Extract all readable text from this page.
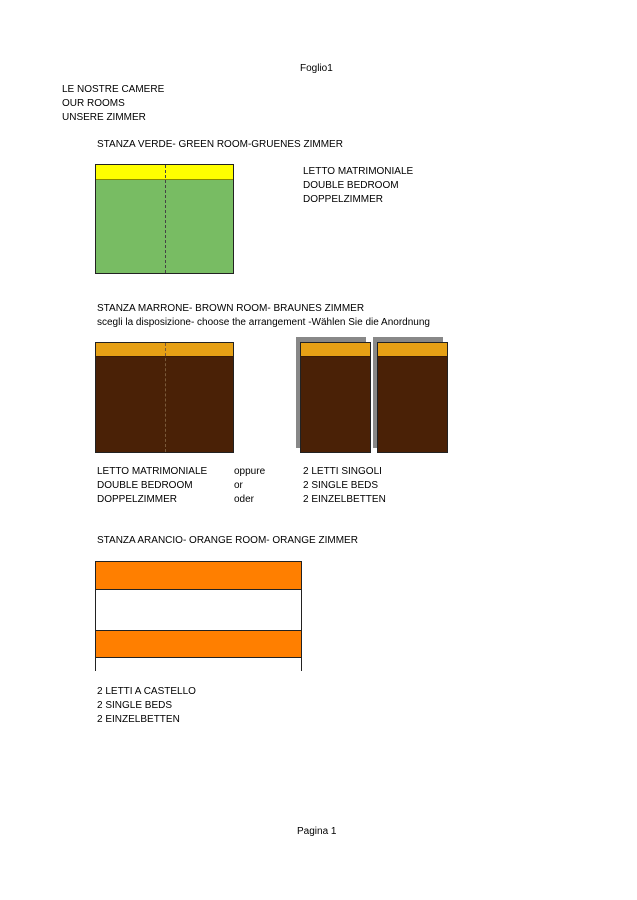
Foglio1
LE NOSTRE CAMERE
OUR ROOMS
UNSERE ZIMMER
STANZA VERDE- GREEN ROOM-GRUENES ZIMMER
LETTO MATRIMONIALE
DOUBLE BEDROOM
DOPPELZIMMER
STANZA MARRONE- BROWN ROOM- BRAUNES ZIMMER
scegli la disposizione- choose the arrangement -Wählen Sie die Anordnung
LETTO MATRIMONIALE
DOUBLE BEDROOM
DOPPELZIMMER
oppure
or
oder
2 LETTI SINGOLI
2 SINGLE BEDS
2 EINZELBETTEN
STANZA ARANCIO- ORANGE ROOM- ORANGE ZIMMER
2 LETTI A CASTELLO
2 SINGLE BEDS
2 EINZELBETTEN
Pagina 1
